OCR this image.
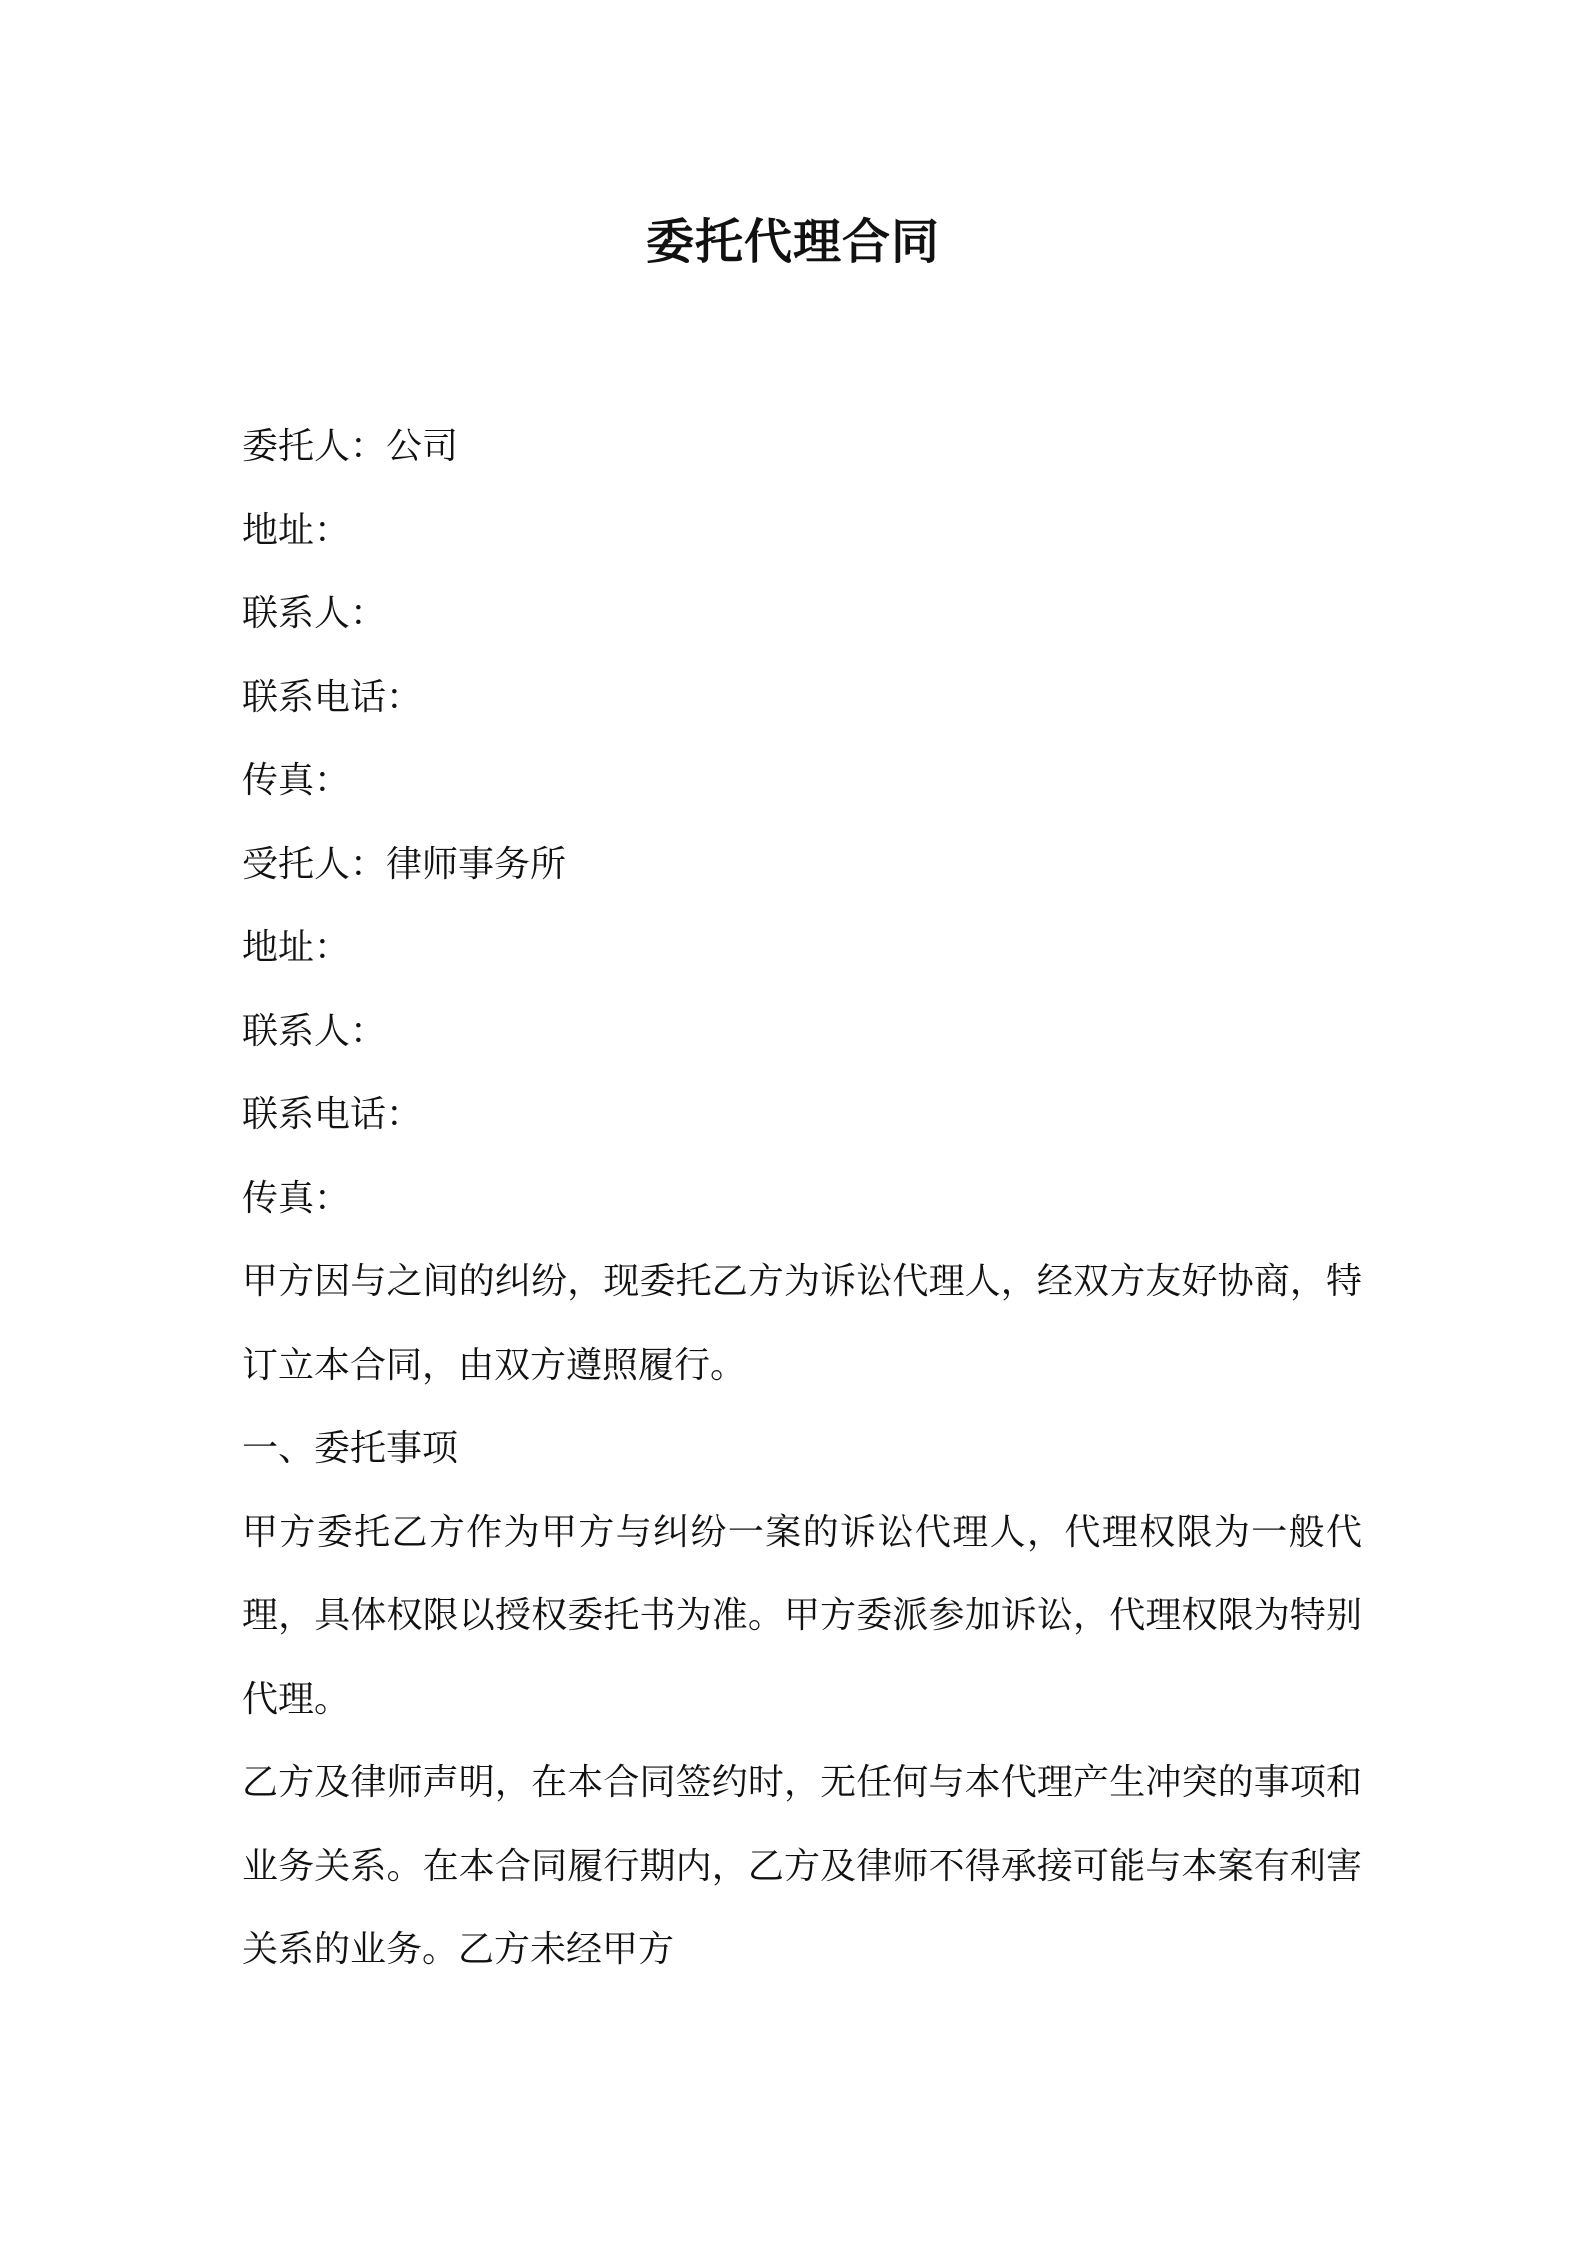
委托代理合同
委托人：公司
地址：
联系人：
联系电话：
传真：
受托人：律师事务所
地址：
联系人：
联系电话：
传真：

甲方因与之间的纠纷，现委托乙方为诉讼代理人，经双方友好协商，特订立本合同，由双方遵照履行。

一、委托事项

甲方委托乙方作为甲方与纠纷一案的诉讼代理人，代理权限为一般代理，具体权限以授权委托书为准。甲方委派参加诉讼，代理权限为特别代理。

乙方及律师声明，在本合同签约时，无任何与本代理产生冲突的事项和业务关系。在本合同履行期内，乙方及律师不得承接可能与本案有利害关系的业务。乙方未经甲方
